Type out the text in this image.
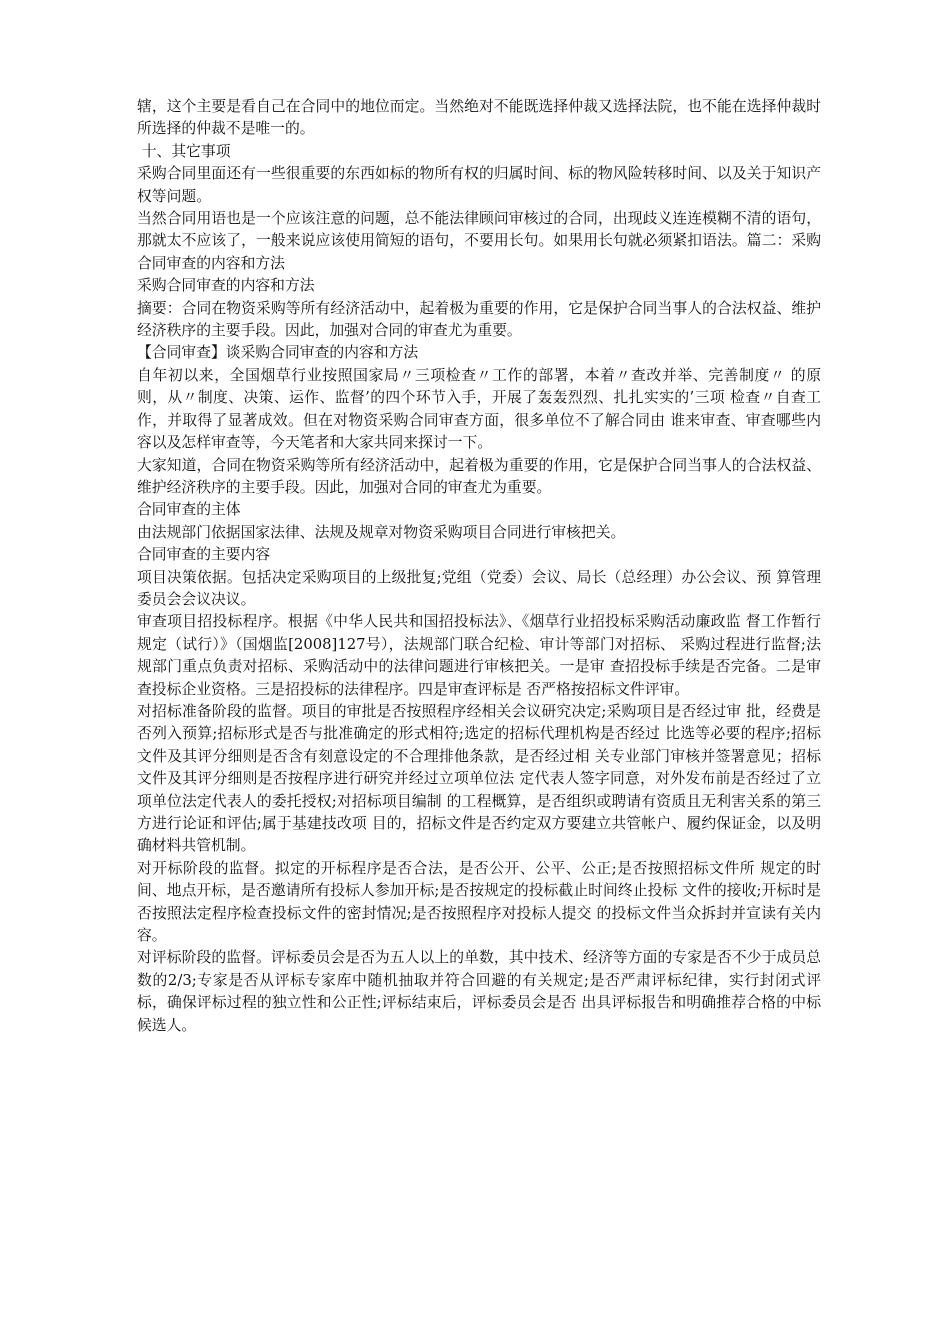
辖，这个主要是看自己在合同中的地位而定。当然绝对不能既选择仲裁又选择法院，也不能在选择仲裁时所选择的仲裁不是唯一的。

十、其它事项

采购合同里面还有一些很重要的东西如标的物所有权的归属时间、标的物风险转移时间、以及关于知识产权等问题。

当然合同用语也是一个应该注意的问题，总不能法律顾问审核过的合同，出现歧义连连模糊不清的语句，那就太不应该了，一般来说应该使用简短的语句，不要用长句。如果用长句就必须紧扣语法。篇二：采购合同审查的内容和方法

采购合同审查的内容和方法

摘要：合同在物资采购等所有经济活动中，起着极为重要的作用，它是保护合同当事人的合法权益、维护经济秩序的主要手段。因此，加强对合同的审查尤为重要。

【合同审查】谈采购合同审查的内容和方法

自年初以来，全国烟草行业按照国家局〃三项检查〃工作的部署，本着〃查改并举、完善制度〃 的原则，从〃制度、决策、运作、监督’的四个环节入手，开展了轰轰烈烈、扎扎实实的’三项 检查〃自查工作，并取得了显著成效。但在对物资采购合同审查方面，很多单位不了解合同由 谁来审查、审查哪些内容以及怎样审查等，今天笔者和大家共同来探讨一下。

大家知道，合同在物资采购等所有经济活动中，起着极为重要的作用，它是保护合同当事人的合法权益、维护经济秩序的主要手段。因此，加强对合同的审查尤为重要。

合同审查的主体

由法规部门依据国家法律、法规及规章对物资采购项目合同进行审核把关。

合同审查的主要内容

项目决策依据。包括决定采购项目的上级批复;党组（党委）会议、局长（总经理）办公会议、预 算管理委员会会议决议。

审查项目招投标程序。根据《中华人民共和国招投标法》、《烟草行业招投标采购活动廉政监 督工作暂行规定（试行）》（国烟监[2008]127号），法规部门联合纪检、审计等部门对招标、 采购过程进行监督;法规部门重点负责对招标、采购活动中的法律问题进行审核把关。一是审 查招投标手续是否完备。二是审查投标企业资格。三是招投标的法律程序。四是审查评标是 否严格按招标文件评审。

对招标准备阶段的监督。项目的审批是否按照程序经相关会议研究决定;采购项目是否经过审 批，经费是否列入预算;招标形式是否与批准确定的形式相符;选定的招标代理机构是否经过 比选等必要的程序;招标文件及其评分细则是否含有刻意设定的不合理排他条款，是否经过相 关专业部门审核并签署意见；招标文件及其评分细则是否按程序进行研究并经过立项单位法 定代表人签字同意，对外发布前是否经过了立项单位法定代表人的委托授权;对招标项目编制 的工程概算，是否组织或聘请有资质且无利害关系的第三方进行论证和评估;属于基建技改项 目的，招标文件是否约定双方要建立共管帐户、履约保证金，以及明确材料共管机制。

对开标阶段的监督。拟定的开标程序是否合法，是否公开、公平、公正;是否按照招标文件所 规定的时间、地点开标，是否邀请所有投标人参加开标;是否按规定的投标截止时间终止投标 文件的接收;开标时是否按照法定程序检查投标文件的密封情况;是否按照程序对投标人提交 的投标文件当众拆封并宣读有关内容。

对评标阶段的监督。评标委员会是否为五人以上的单数，其中技术、经济等方面的专家是否不少于成员总数的2/3;专家是否从评标专家库中随机抽取并符合回避的有关规定;是否严肃评标纪律，实行封闭式评标，确保评标过程的独立性和公正性;评标结束后，评标委员会是否 出具评标报告和明确推荐合格的中标候选人。
